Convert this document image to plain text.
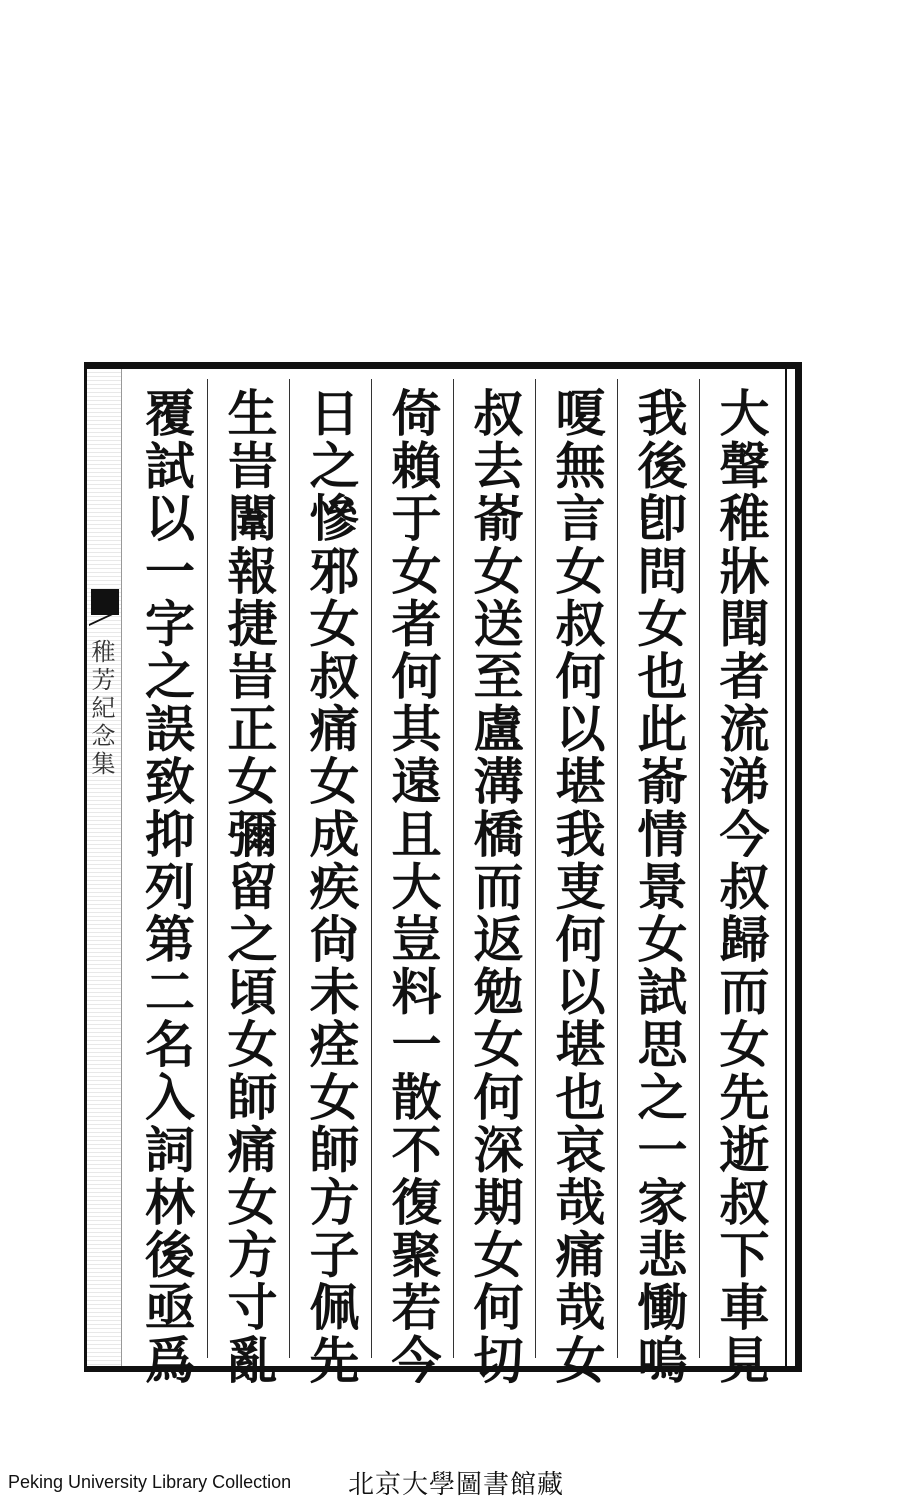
稚芳紀念集	大聲稚牀聞者流涕今叔歸而女先逝叔下車見
我後卽問女也此嵛情景女試思之一家悲慟嗚
嗄無言女叔何以堪我叓何以堪也哀哉痛哉女
叔去嵛女送至盧溝橋而返勉女何深期女何切
倚賴于女者何其遠且大豈料一散不復聚若今
日之慘邪女叔痛女成疾尙未痊女師方子佩先
生旹闈報捷旹正女彌留之頃女師痛女方寸亂
覆試以一字之誤致抑列第二名入詞林後亟爲
Peking University Library Collection 北京大學圖書館藏
